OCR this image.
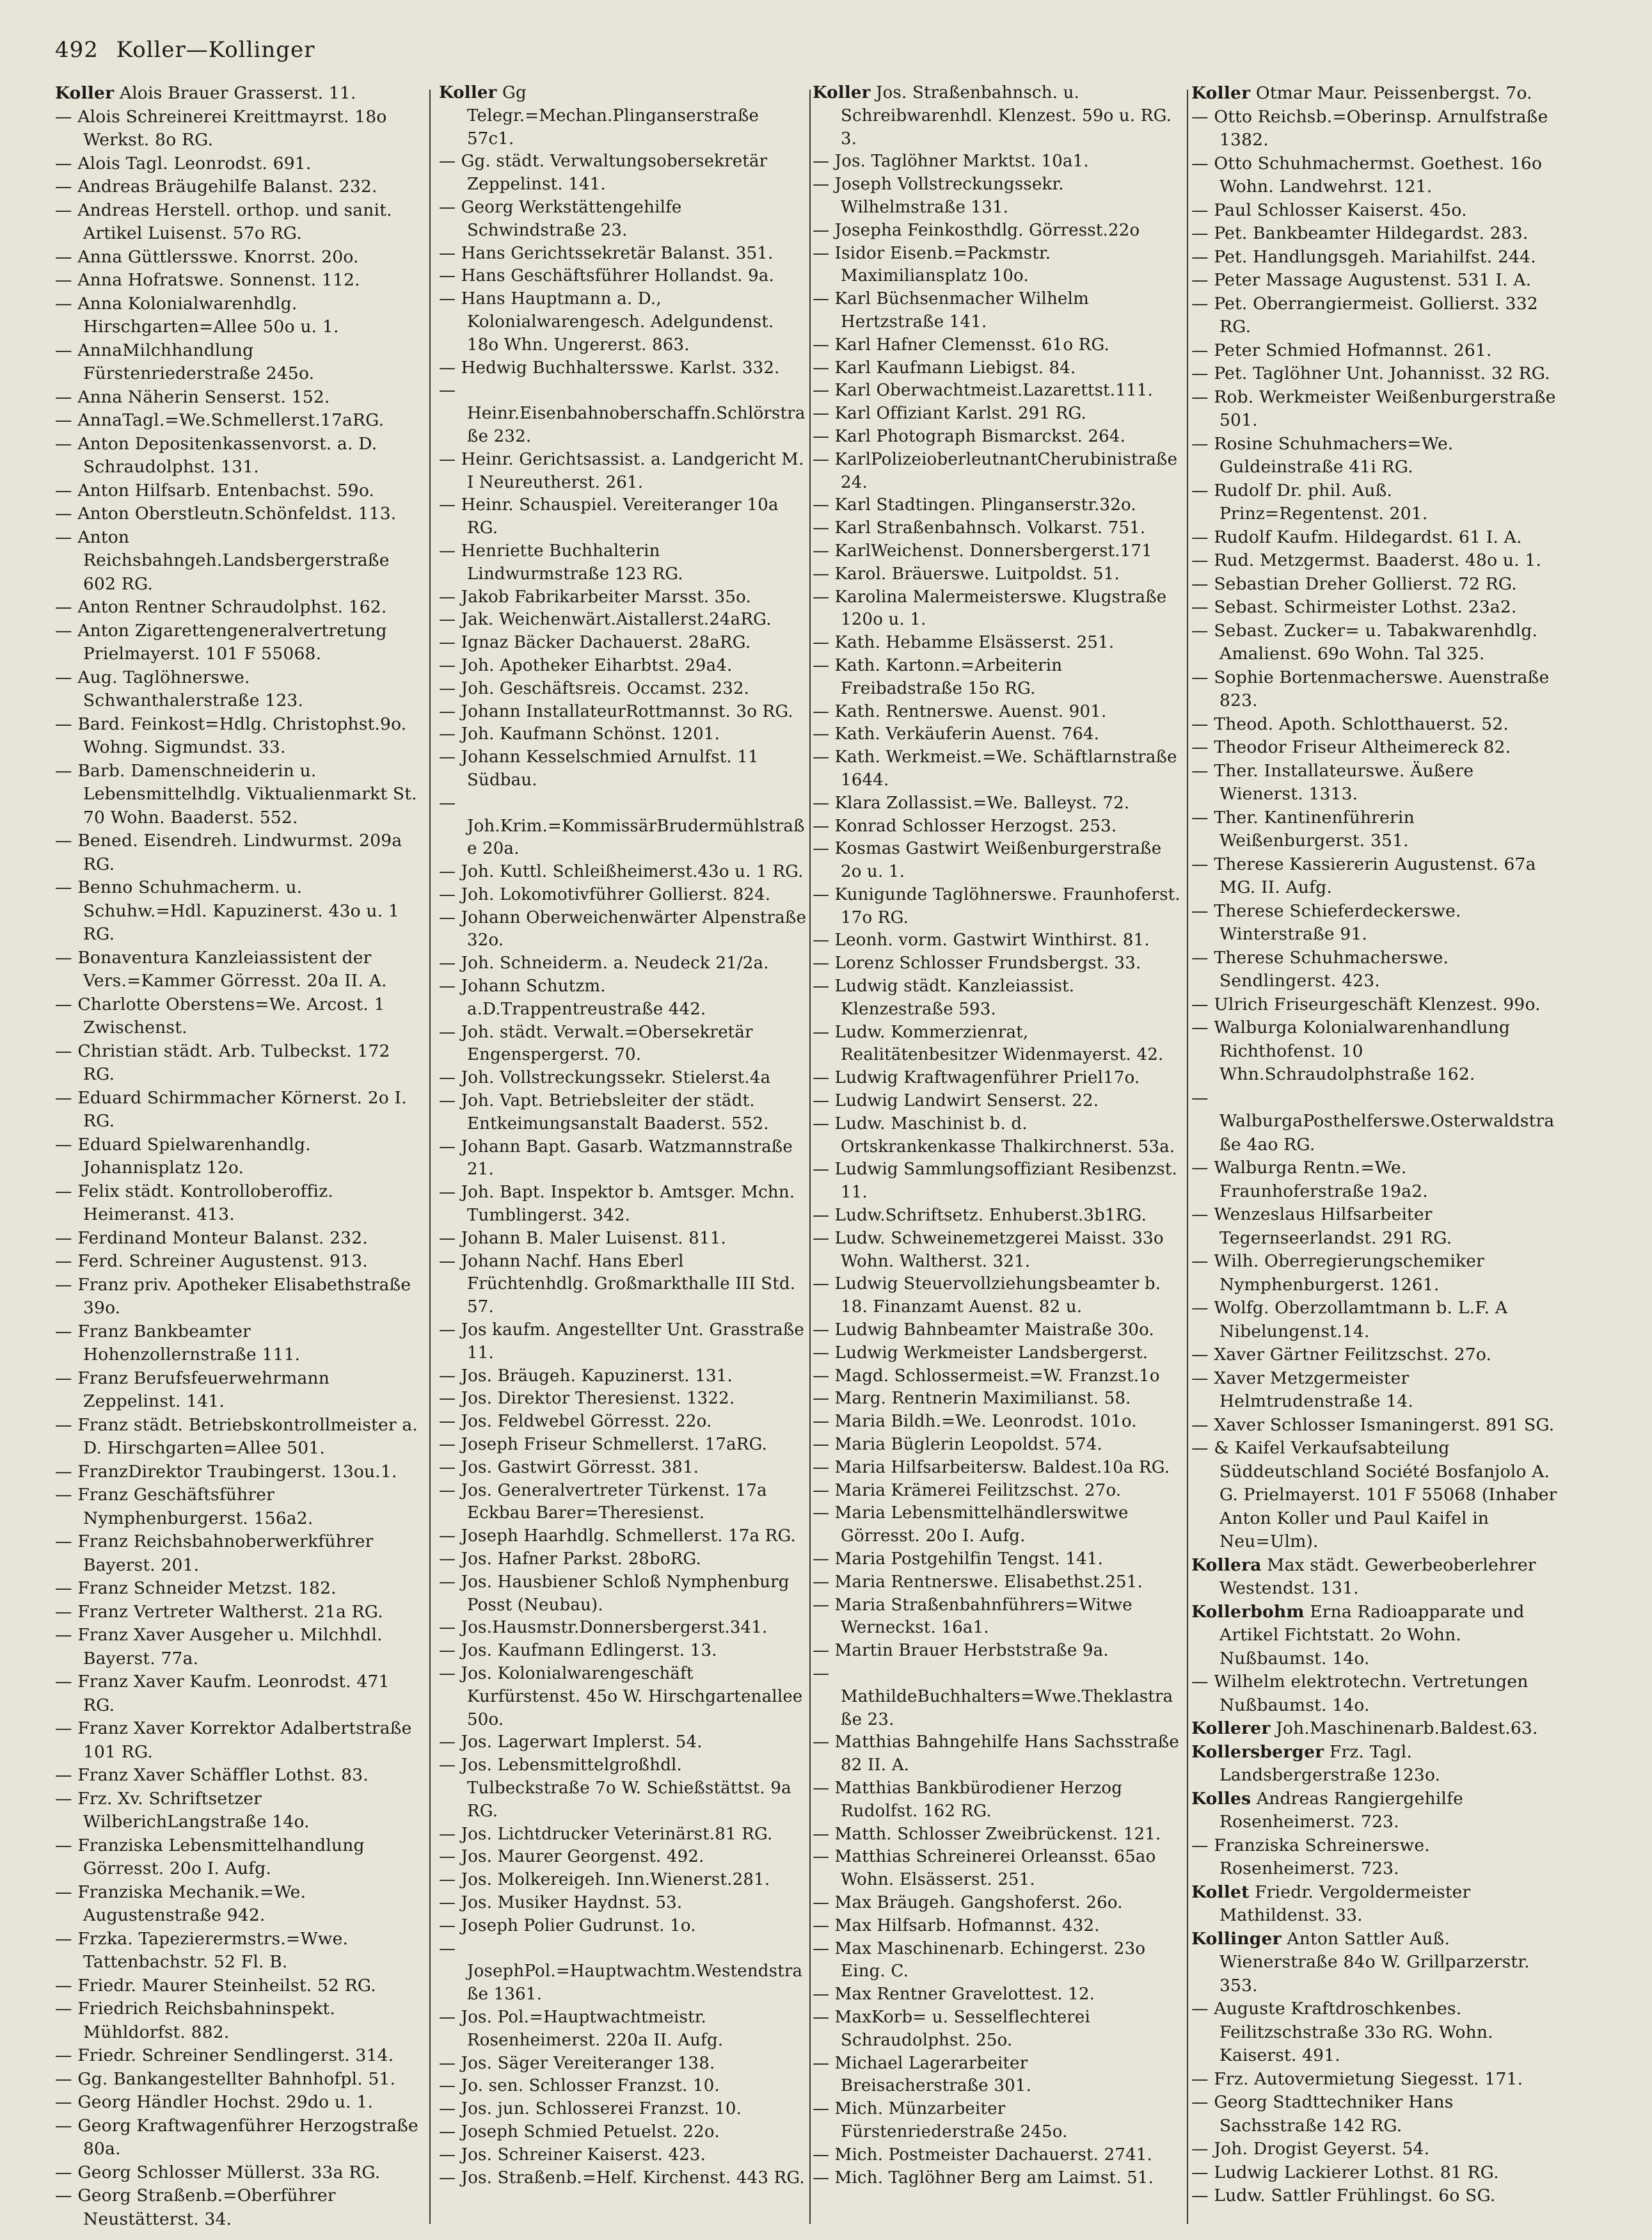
492 Koller—Kollinger

Koller Alois Brauer Grasserst. 11.

— Alois Schreinerei Kreittmayrst. 18o Werkst. 8o RG.

— Alois Tagl. Leonrodst. 691.

— Andreas Bräugehilfe Balanst. 232.

— Andreas Herstell. orthop. und sanit. Artikel Luisenst. 57o RG.

— Anna Güttlersswe. Knorrst. 20o.

— Anna Hofratswe. Sonnenst. 112.

— Anna Kolonialwarenhdlg. Hirschgarten=Allee 50o u. 1.

— AnnaMilchhandlung Fürstenriederstraße 245o.

— Anna Näherin Senserst. 152.

— AnnaTagl.=We.Schmellerst.17aRG.

— Anton Depositenkassenvorst. a. D. Schraudolphst. 131.

— Anton Hilfsarb. Entenbachst. 59o.

— Anton Oberstleutn.Schönfeldst. 113.

— Anton Reichsbahngeh.Landsbergerstraße 602 RG.

— Anton Rentner Schraudolphst. 162.

— Anton Zigarettengeneralvertretung Prielmayerst. 101 F 55068.

— Aug. Taglöhnerswe. Schwanthalerstraße 123.

— Bard. Feinkost=Hdlg. Christophst.9o. Wohng. Sigmundst. 33.

— Barb. Damenschneiderin u. Lebensmittelhdlg. Viktualienmarkt St. 70 Wohn. Baaderst. 552.

— Bened. Eisendreh. Lindwurmst. 209a RG.

— Benno Schuhmacherm. u. Schuhw.=Hdl. Kapuzinerst. 43o u. 1 RG.

— Bonaventura Kanzleiassistent der Vers.=Kammer Görresst. 20a II. A.

— Charlotte Oberstens=We. Arcost. 1 Zwischenst.

— Christian städt. Arb. Tulbeckst. 172 RG.

— Eduard Schirmmacher Körnerst. 2o I. RG.

— Eduard Spielwarenhandlg. Johannisplatz 12o.

— Felix städt. Kontrolloberoffiz. Heimeranst. 413.

— Ferdinand Monteur Balanst. 232.

— Ferd. Schreiner Augustenst. 913.

— Franz priv. Apotheker Elisabethstraße 39o.

— Franz Bankbeamter Hohenzollernstraße 111.

— Franz Berufsfeuerwehrmann Zeppelinst. 141.

— Franz städt. Betriebskontrollmeister a. D. Hirschgarten=Allee 501.

— FranzDirektor Traubingerst. 13ou.1.

— Franz Geschäftsführer Nymphenburgerst. 156a2.

— Franz Reichsbahnoberwerkführer Bayerst. 201.

— Franz Schneider Metzst. 182.

— Franz Vertreter Waltherst. 21a RG.

— Franz Xaver Ausgeher u. Milchhdl. Bayerst. 77a.

— Franz Xaver Kaufm. Leonrodst. 471 RG.

— Franz Xaver Korrektor Adalbertstraße 101 RG.

— Franz Xaver Schäffler Lothst. 83.

— Frz. Xv. Schriftsetzer WilberichLangstraße 14o.

— Franziska Lebensmittelhandlung Görresst. 20o I. Aufg.

— Franziska Mechanik.=We. Augustenstraße 942.

— Frzka. Tapezierermstrs.=Wwe. Tattenbachstr. 52 Fl. B.

— Friedr. Maurer Steinheilst. 52 RG.

— Friedrich Reichsbahninspekt. Mühldorfst. 882.

— Friedr. Schreiner Sendlingerst. 314.

— Gg. Bankangestellter Bahnhofpl. 51.

— Georg Händler Hochst. 29do u. 1.

— Georg Kraftwagenführer Herzogstraße 80a.

— Georg Schlosser Müllerst. 33a RG.

— Georg Straßenb.=Oberführer Neustätterst. 34.

Koller Gg Telegr.=Mechan.Plinganserstraße 57c1.

— Gg. städt. Verwaltungsobersekretär Zeppelinst. 141.

— Georg Werkstättengehilfe Schwindstraße 23.

— Hans Gerichtssekretär Balanst. 351.

— Hans Geschäftsführer Hollandst. 9a.

— Hans Hauptmann a. D., Kolonialwarengesch. Adelgundenst. 18o Whn. Ungererst. 863.

— Hedwig Buchhaltersswe. Karlst. 332.

— Heinr.Eisenbahnoberschaffn.Schlörstraße 232.

— Heinr. Gerichtsassist. a. Landgericht M. I Neureutherst. 261.

— Heinr. Schauspiel. Vereiteranger 10a RG.

— Henriette Buchhalterin Lindwurmstraße 123 RG.

— Jakob Fabrikarbeiter Marsst. 35o.

— Jak. Weichenwärt.Aistallerst.24aRG.

— Ignaz Bäcker Dachauerst. 28aRG.

— Joh. Apotheker Eiharbtst. 29a4.

— Joh. Geschäftsreis. Occamst. 232.

— Johann InstallateurRottmannst. 3o RG.

— Joh. Kaufmann Schönst. 1201.

— Johann Kesselschmied Arnulfst. 11 Südbau.

— Joh.Krim.=KommissärBrudermühlstraße 20a.

— Joh. Kuttl. Schleißheimerst.43o u. 1 RG.

— Joh. Lokomotivführer Gollierst. 824.

— Johann Oberweichenwärter Alpenstraße 32o.

— Joh. Schneiderm. a. Neudeck 21/2a.

— Johann Schutzm. a.D.Trappentreustraße 442.

— Joh. städt. Verwalt.=Obersekretär Engenspergerst. 70.

— Joh. Vollstreckungssekr. Stielerst.4a

— Joh. Vapt. Betriebsleiter der städt. Entkeimungsanstalt Baaderst. 552.

— Johann Bapt. Gasarb. Watzmannstraße 21.

— Joh. Bapt. Inspektor b. Amtsger. Mchn. Tumblingerst. 342.

— Johann B. Maler Luisenst. 811.

— Johann Nachf. Hans Eberl Früchtenhdlg. Großmarkthalle III Std. 57.

— Jos kaufm. Angestellter Unt. Grasstraße 11.

— Jos. Bräugeh. Kapuzinerst. 131.

— Jos. Direktor Theresienst. 1322.

— Jos. Feldwebel Görresst. 22o.

— Joseph Friseur Schmellerst. 17aRG.

— Jos. Gastwirt Görresst. 381.

— Jos. Generalvertreter Türkenst. 17a Eckbau Barer=Theresienst.

— Joseph Haarhdlg. Schmellerst. 17a RG.

— Jos. Hafner Parkst. 28boRG.

— Jos. Hausbiener Schloß Nymphenburg Posst (Neubau).

— Jos.Hausmstr.Donnersbergerst.341.

— Jos. Kaufmann Edlingerst. 13.

— Jos. Kolonialwarengeschäft Kurfürstenst. 45o W. Hirschgartenallee 50o.

— Jos. Lagerwart Implerst. 54.

— Jos. Lebensmittelgroßhdl. Tulbeckstraße 7o W. Schießstättst. 9a RG.

— Jos. Lichtdrucker Veterinärst.81 RG.

— Jos. Maurer Georgenst. 492.

— Jos. Molkereigeh. Inn.Wienerst.281.

— Jos. Musiker Haydnst. 53.

— Joseph Polier Gudrunst. 1o.

— JosephPol.=Hauptwachtm.Westendstraße 1361.

— Jos. Pol.=Hauptwachtmeistr. Rosenheimerst. 220a II. Aufg.

— Jos. Säger Vereiteranger 138.

— Jo. sen. Schlosser Franzst. 10.

— Jos. jun. Schlosserei Franzst. 10.

— Joseph Schmied Petuelst. 22o.

— Jos. Schreiner Kaiserst. 423.

— Jos. Straßenb.=Helf. Kirchenst. 443 RG.

Koller Jos. Straßenbahnsch. u. Schreibwarenhdl. Klenzest. 59o u. RG. 3.

— Jos. Taglöhner Marktst. 10a1.

— Joseph Vollstreckungssekr. Wilhelmstraße 131.

— Josepha Feinkosthdlg. Görresst.22o

— Isidor Eisenb.=Packmstr. Maximiliansplatz 10o.

— Karl Büchsenmacher Wilhelm Hertzstraße 141.

— Karl Hafner Clemensst. 61o RG.

— Karl Kaufmann Liebigst. 84.

— Karl Oberwachtmeist.Lazarettst.111.

— Karl Offiziant Karlst. 291 RG.

— Karl Photograph Bismarckst. 264.

— KarlPolizeioberleutnantCherubinistraße 24.

— Karl Stadtingen. Plinganserstr.32o.

— Karl Straßenbahnsch. Volkarst. 751.

— KarlWeichenst. Donnersbergerst.171

— Karol. Bräuerswe. Luitpoldst. 51.

— Karolina Malermeisterswe. Klugstraße 120o u. 1.

— Kath. Hebamme Elsässerst. 251.

— Kath. Kartonn.=Arbeiterin Freibadstraße 15o RG.

— Kath. Rentnerswe. Auenst. 901.

— Kath. Verkäuferin Auenst. 764.

— Kath. Werkmeist.=We. Schäftlarnstraße 1644.

— Klara Zollassist.=We. Balleyst. 72.

— Konrad Schlosser Herzogst. 253.

— Kosmas Gastwirt Weißenburgerstraße 2o u. 1.

— Kunigunde Taglöhnerswe. Fraunhoferst. 17o RG.

— Leonh. vorm. Gastwirt Winthirst. 81.

— Lorenz Schlosser Frundsbergst. 33.

— Ludwig städt. Kanzleiassist. Klenzestraße 593.

— Ludw. Kommerzienrat, Realitätenbesitzer Widenmayerst. 42.

— Ludwig Kraftwagenführer Priel17o.

— Ludwig Landwirt Senserst. 22.

— Ludw. Maschinist b. d. Ortskrankenkasse Thalkirchnerst. 53a.

— Ludwig Sammlungsoffiziant Resibenzst. 11.

— Ludw.Schriftsetz. Enhuberst.3b1RG.

— Ludw. Schweinemetzgerei Maisst. 33o Wohn. Waltherst. 321.

— Ludwig Steuervollziehungsbeamter b. 18. Finanzamt Auenst. 82 u.

— Ludwig Bahnbeamter Maistraße 30o.

— Ludwig Werkmeister Landsbergerst.

— Magd. Schlossermeist.=W. Franzst.1o

— Marg. Rentnerin Maximilianst. 58.

— Maria Bildh.=We. Leonrodst. 101o.

— Maria Büglerin Leopoldst. 574.

— Maria Hilfsarbeitersw. Baldest.10a RG.

— Maria Krämerei Feilitzschst. 27o.

— Maria Lebensmittelhändlerswitwe Görresst. 20o I. Aufg.

— Maria Postgehilfin Tengst. 141.

— Maria Rentnerswe. Elisabethst.251.

— Maria Straßenbahnführers=Witwe Werneckst. 16a1.

— Martin Brauer Herbststraße 9a.

— MathildeBuchhalters=Wwe.Theklastraße 23.

— Matthias Bahngehilfe Hans Sachsstraße 82 II. A.

— Matthias Bankbürodiener Herzog Rudolfst. 162 RG.

— Matth. Schlosser Zweibrückenst. 121.

— Matthias Schreinerei Orleansst. 65ao Wohn. Elsässerst. 251.

— Max Bräugeh. Gangshoferst. 26o.

— Max Hilfsarb. Hofmannst. 432.

— Max Maschinenarb. Echingerst. 23o Eing. C.

— Max Rentner Gravelottest. 12.

— MaxKorb= u. Sesselflechterei Schraudolphst. 25o.

— Michael Lagerarbeiter Breisacherstraße 301.

— Mich. Münzarbeiter Fürstenriederstraße 245o.

— Mich. Postmeister Dachauerst. 2741.

— Mich. Taglöhner Berg am Laimst. 51.

Koller Otmar Maur. Peissenbergst. 7o.

— Otto Reichsb.=Oberinsp. Arnulfstraße 1382.

— Otto Schuhmachermst. Goethest. 16o Wohn. Landwehrst. 121.

— Paul Schlosser Kaiserst. 45o.

— Pet. Bankbeamter Hildegardst. 283.

— Pet. Handlungsgeh. Mariahilfst. 244.

— Peter Massage Augustenst. 531 I. A.

— Pet. Oberrangiermeist. Gollierst. 332 RG.

— Peter Schmied Hofmannst. 261.

— Pet. Taglöhner Unt. Johannisst. 32 RG.

— Rob. Werkmeister Weißenburgerstraße 501.

— Rosine Schuhmachers=We. Guldeinstraße 41i RG.

— Rudolf Dr. phil. Auß. Prinz=Regentenst. 201.

— Rudolf Kaufm. Hildegardst. 61 I. A.

— Rud. Metzgermst. Baaderst. 48o u. 1.

— Sebastian Dreher Gollierst. 72 RG.

— Sebast. Schirmeister Lothst. 23a2.

— Sebast. Zucker= u. Tabakwarenhdlg. Amalienst. 69o Wohn. Tal 325.

— Sophie Bortenmacherswe. Auenstraße 823.

— Theod. Apoth. Schlotthauerst. 52.

— Theodor Friseur Altheimereck 82.

— Ther. Installateurswe. Äußere Wienerst. 1313.

— Ther. Kantinenführerin Weißenburgerst. 351.

— Therese Kassiererin Augustenst. 67a MG. II. Aufg.

— Therese Schieferdeckerswe. Winterstraße 91.

— Therese Schuhmacherswe. Sendlingerst. 423.

— Ulrich Friseurgeschäft Klenzest. 99o.

— Walburga Kolonialwarenhandlung Richthofenst. 10 Whn.Schraudolphstraße 162.

— WalburgaPosthelferswe.Osterwaldstraße 4ao RG.

— Walburga Rentn.=We. Fraunhoferstraße 19a2.

— Wenzeslaus Hilfsarbeiter Tegernseerlandst. 291 RG.

— Wilh. Oberregierungschemiker Nymphenburgerst. 1261.

— Wolfg. Oberzollamtmann b. L.F. A Nibelungenst.14.

— Xaver Gärtner Feilitzschst. 27o.

— Xaver Metzgermeister Helmtrudenstraße 14.

— Xaver Schlosser Ismaningerst. 891 SG.

— & Kaifel Verkaufsabteilung Süddeutschland Société Bosfanjolo A. G. Prielmayerst. 101 F 55068 (Inhaber Anton Koller und Paul Kaifel in Neu=Ulm).

Kollera Max städt. Gewerbeoberlehrer Westendst. 131.

Kollerbohm Erna Radioapparate und Artikel Fichtstatt. 2o Wohn. Nußbaumst. 14o.

— Wilhelm elektrotechn. Vertretungen Nußbaumst. 14o.

Kollerer Joh.Maschinenarb.Baldest.63.

Kollersberger Frz. Tagl. Landsbergerstraße 123o.

Kolles Andreas Rangiergehilfe Rosenheimerst. 723.

— Franziska Schreinerswe. Rosenheimerst. 723.

Kollet Friedr. Vergoldermeister Mathildenst. 33.

Kollinger Anton Sattler Auß. Wienerstraße 84o W. Grillparzerstr. 353.

— Auguste Kraftdroschkenbes. Feilitzschstraße 33o RG. Wohn. Kaiserst. 491.

— Frz. Autovermietung Siegesst. 171.

— Georg Stadttechniker Hans Sachsstraße 142 RG.

— Joh. Drogist Geyerst. 54.

— Ludwig Lackierer Lothst. 81 RG.

— Ludw. Sattler Frühlingst. 6o SG.
